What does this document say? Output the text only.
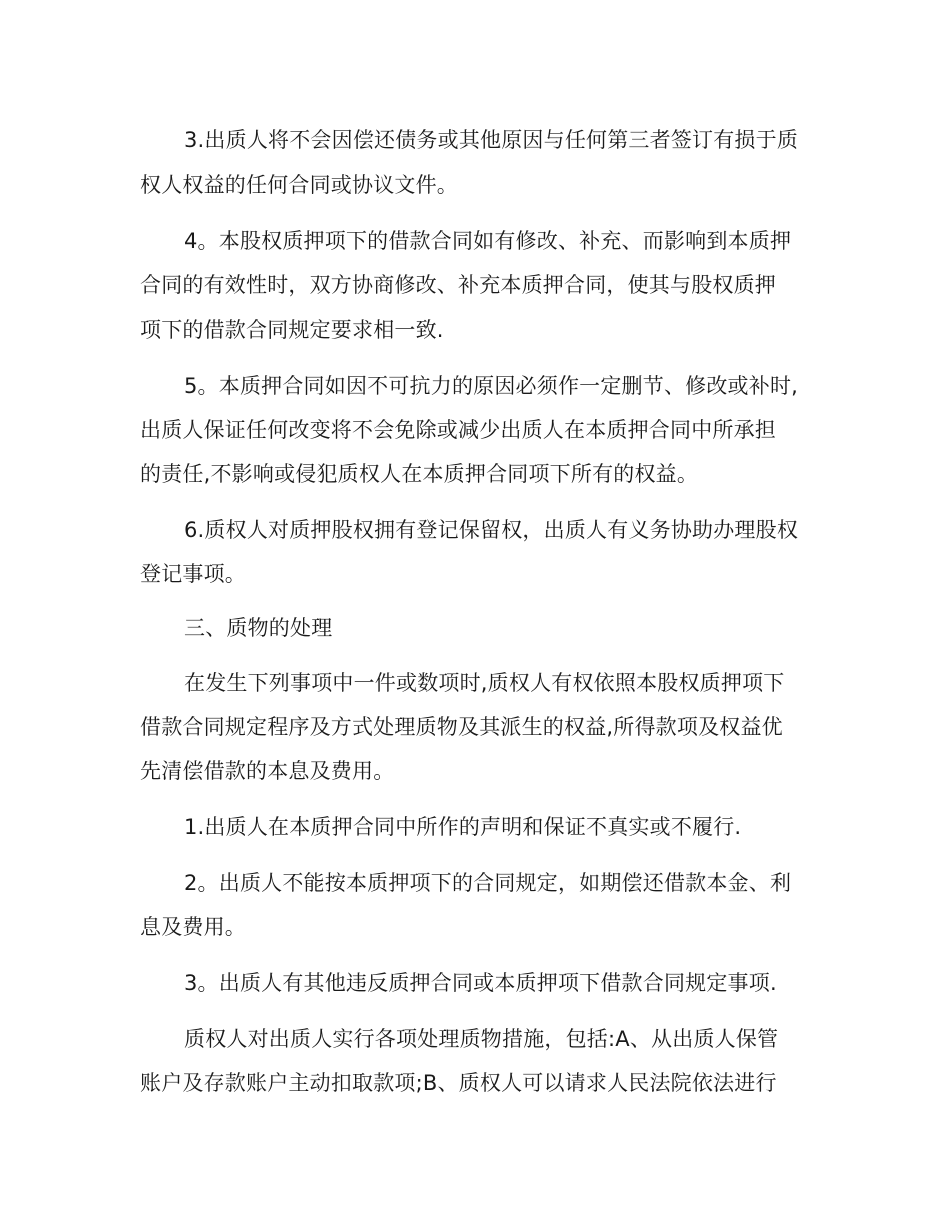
3.出质人将不会因偿还债务或其他原因与任何第三者签订有损于质
权人权益的任何合同或协议文件。
4。本股权质押项下的借款合同如有修改、补充、而影响到本质押
合同的有效性时，双方协商修改、补充本质押合同，使其与股权质押
项下的借款合同规定要求相一致.
5。本质押合同如因不可抗力的原因必须作一定删节、修改或补时,
出质人保证任何改变将不会免除或减少出质人在本质押合同中所承担
的责任,不影响或侵犯质权人在本质押合同项下所有的权益。
6.质权人对质押股权拥有登记保留权，出质人有义务协助办理股权
登记事项。
三、质物的处理
在发生下列事项中一件或数项时,质权人有权依照本股权质押项下
借款合同规定程序及方式处理质物及其派生的权益,所得款项及权益优
先清偿借款的本息及费用。
1.出质人在本质押合同中所作的声明和保证不真实或不履行.
2。出质人不能按本质押项下的合同规定，如期偿还借款本金、利
息及费用。
3。出质人有其他违反质押合同或本质押项下借款合同规定事项.
质权人对出质人实行各项处理质物措施，包括:A、从出质人保管
账户及存款账户主动扣取款项;B、质权人可以请求人民法院依法进行
